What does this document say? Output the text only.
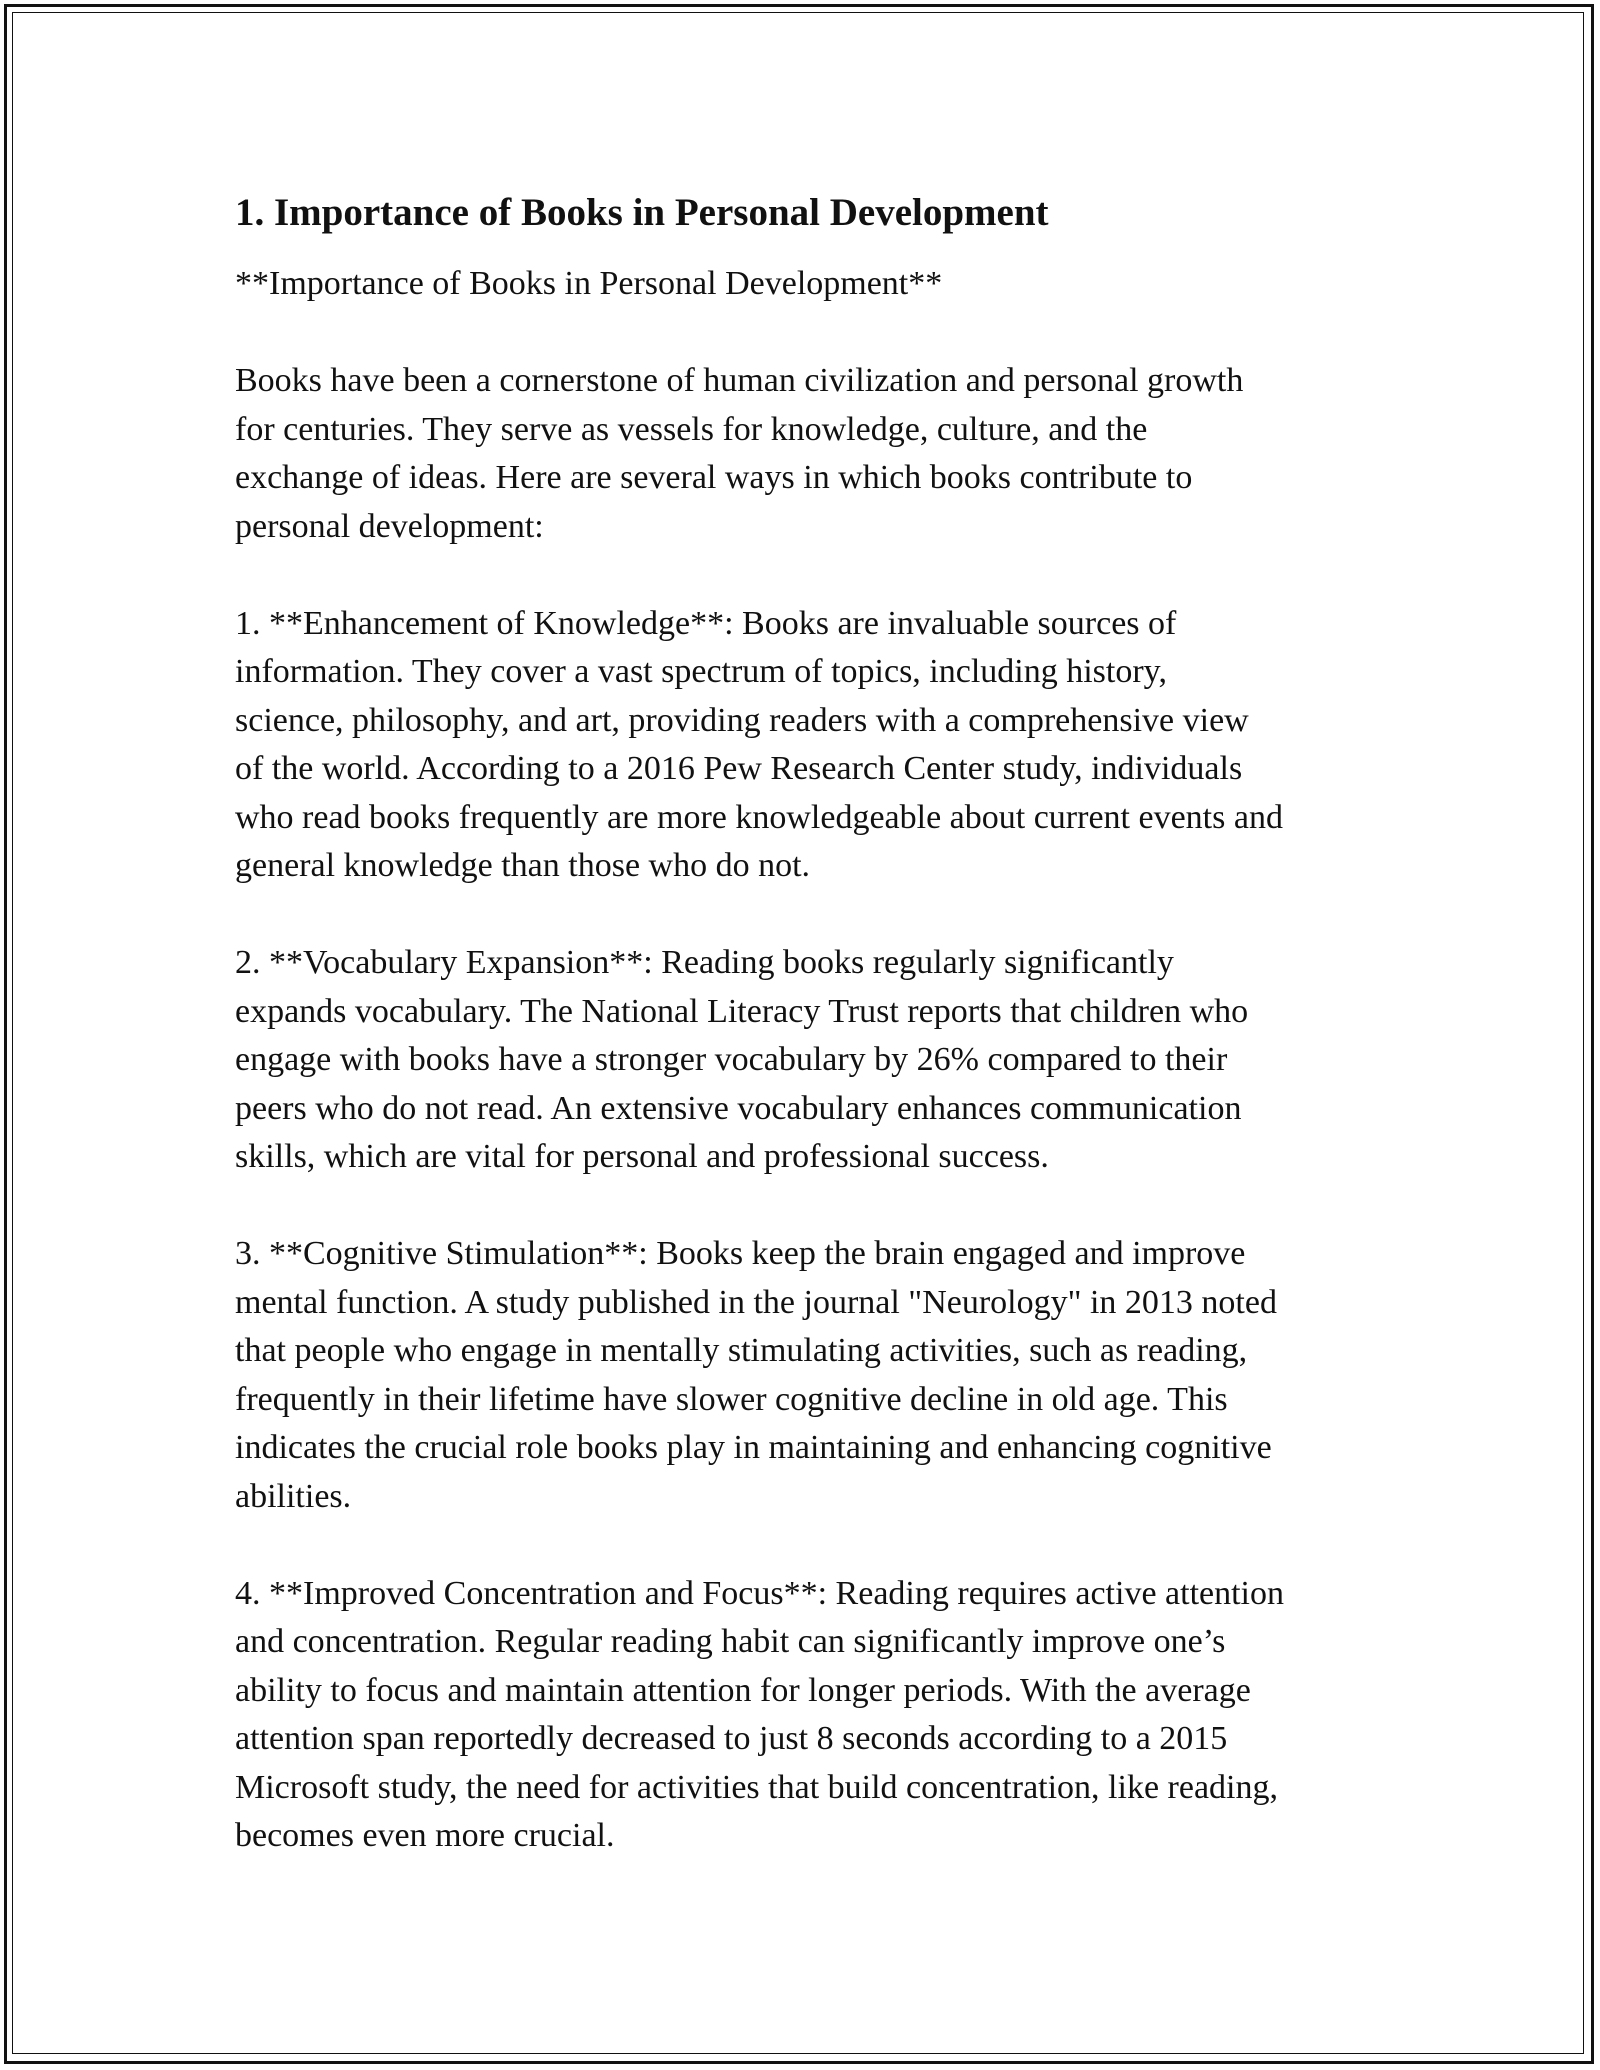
1. Importance of Books in Personal Development
**Importance of Books in Personal Development**
Books have been a cornerstone of human civilization and personal growth
for centuries. They serve as vessels for knowledge, culture, and the
exchange of ideas. Here are several ways in which books contribute to
personal development:
1. **Enhancement of Knowledge**: Books are invaluable sources of
information. They cover a vast spectrum of topics, including history,
science, philosophy, and art, providing readers with a comprehensive view
of the world. According to a 2016 Pew Research Center study, individuals
who read books frequently are more knowledgeable about current events and
general knowledge than those who do not.
2. **Vocabulary Expansion**: Reading books regularly significantly
expands vocabulary. The National Literacy Trust reports that children who
engage with books have a stronger vocabulary by 26% compared to their
peers who do not read. An extensive vocabulary enhances communication
skills, which are vital for personal and professional success.
3. **Cognitive Stimulation**: Books keep the brain engaged and improve
mental function. A study published in the journal "Neurology" in 2013 noted
that people who engage in mentally stimulating activities, such as reading,
frequently in their lifetime have slower cognitive decline in old age. This
indicates the crucial role books play in maintaining and enhancing cognitive
abilities.
4. **Improved Concentration and Focus**: Reading requires active attention
and concentration. Regular reading habit can significantly improve one’s
ability to focus and maintain attention for longer periods. With the average
attention span reportedly decreased to just 8 seconds according to a 2015
Microsoft study, the need for activities that build concentration, like reading,
becomes even more crucial.
